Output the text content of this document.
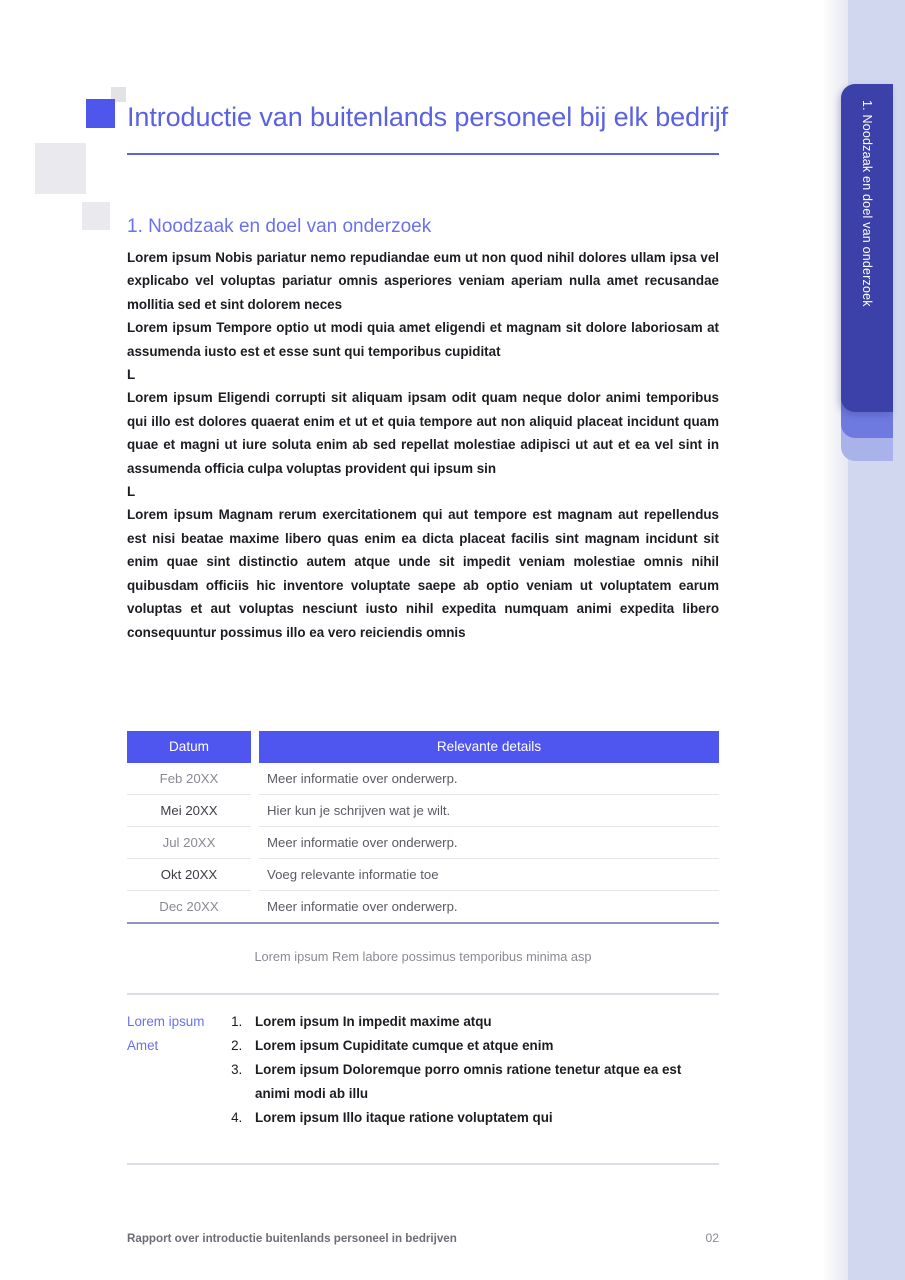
Introductie van buitenlands personeel bij elk bedrijf
1. Noodzaak en doel van onderzoek

Lorem ipsum Nobis pariatur nemo repudiandae eum ut non quod nihil dolores ullam ipsa vel explicabo vel voluptas pariatur omnis asperiores veniam aperiam nulla amet recusandae mollitia sed et sint dolorem neces

Lorem ipsum Tempore optio ut modi quia amet eligendi et magnam sit dolore laboriosam at assumenda iusto est et esse sunt qui temporibus cupiditat

L

Lorem ipsum Eligendi corrupti sit aliquam ipsam odit quam neque dolor animi temporibus qui illo est dolores quaerat enim et ut et quia tempore aut non aliquid placeat incidunt quam quae et magni ut iure soluta enim ab sed repellat molestiae adipisci ut aut et ea vel sint in assumenda officia culpa voluptas provident qui ipsum sin

L

Lorem ipsum Magnam rerum exercitationem qui aut tempore est magnam aut repellendus est nisi beatae maxime libero quas enim ea dicta placeat facilis sint magnam incidunt sit enim quae sint distinctio autem atque unde sit impedit veniam molestiae omnis nihil quibusdam officiis hic inventore voluptate saepe ab optio veniam ut voluptatem earum voluptas et aut voluptas nesciunt iusto nihil expedita numquam animi expedita libero consequuntur possimus illo ea vero reiciendis omnis

Datum		Relevante details
Feb 20XX		Meer informatie over onderwerp.
Mei 20XX		Hier kun je schrijven wat je wilt.
Jul 20XX		Meer informatie over onderwerp.
Okt 20XX		Voeg relevante informatie toe
Dec 20XX		Meer informatie over onderwerp.
Lorem ipsum Rem labore possimus temporibus minima asp
Lorem ipsum Amet
1. Lorem ipsum In impedit maxime atqu
2. Lorem ipsum Cupiditate cumque et atque enim
3. Lorem ipsum Doloremque porro omnis ratione tenetur atque ea est animi modi ab illu
4. Lorem ipsum Illo itaque ratione voluptatem qui
Rapport over introductie buitenlands personeel in bedrijven	02
1. Noodzaak en doel van onderzoek
